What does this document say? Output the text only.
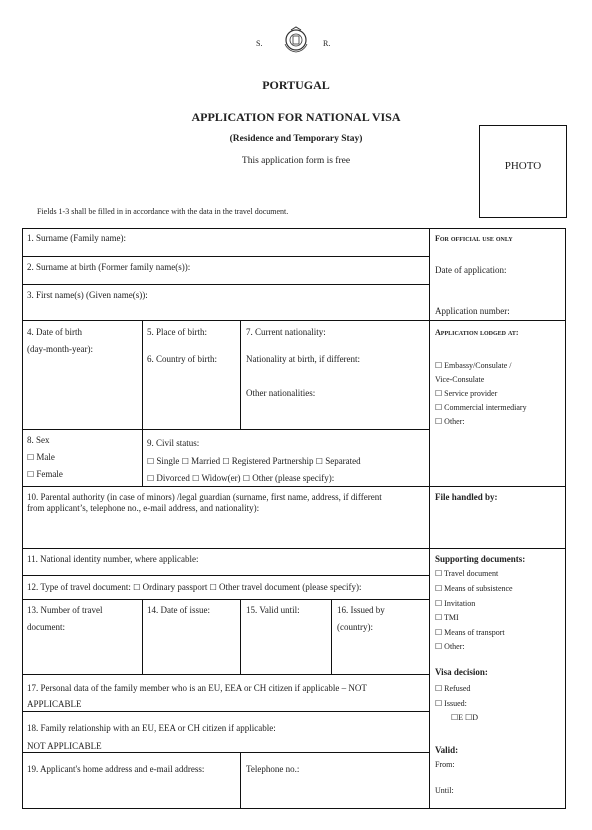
S.	R.
PORTUGAL
APPLICATION FOR NATIONAL VISA
(Residence and Temporary Stay)
This application form is free	PHOTO
Fields 1-3 shall be filled in in accordance with the data in the travel document.
1. Surname (Family name):
2. Surname at birth (Former family name(s)):
3. First name(s) (Given name(s)):
4. Date of birth
(day-month-year):
5. Place of birth:
6. Country of birth:
7. Current nationality:
Nationality at birth, if different:
Other nationalities:
8. Sex
☐ Male
☐ Female
9. Civil status:
☐ Single ☐ Married ☐ Registered Partnership ☐ Separated
☐ Divorced ☐ Widow(er) ☐ Other (please specify):
10. Parental authority (in case of minors) /legal guardian (surname, first name, address, if different
from applicant’s, telephone no., e-mail address, and nationality):
11. National identity number, where applicable:
12. Type of travel document: ☐ Ordinary passport ☐ Other travel document (please specify):
13. Number of travel
document:
14. Date of issue:	15. Valid until:	16. Issued by
(country):
17. Personal data of the family member who is an EU, EEA or CH citizen if applicable – NOT
APPLICABLE
18. Family relationship with an EU, EEA or CH citizen if applicable:
NOT APPLICABLE
19. Applicant's home address and e-mail address:	Telephone no.:
For official use only
Date of application:
Application number:
Application lodged at:
☐ Embassy/Consulate /
Vice-Consulate
☐ Service provider
☐ Commercial intermediary
☐ Other:
File handled by:
Supporting documents:
☐ Travel document
☐ Means of subsistence
☐ Invitation
☐ TMI
☐ Means of transport
☐ Other:
Visa decision:
☐ Refused
☐ Issued:
☐E ☐D
Valid:
From:
Until:
